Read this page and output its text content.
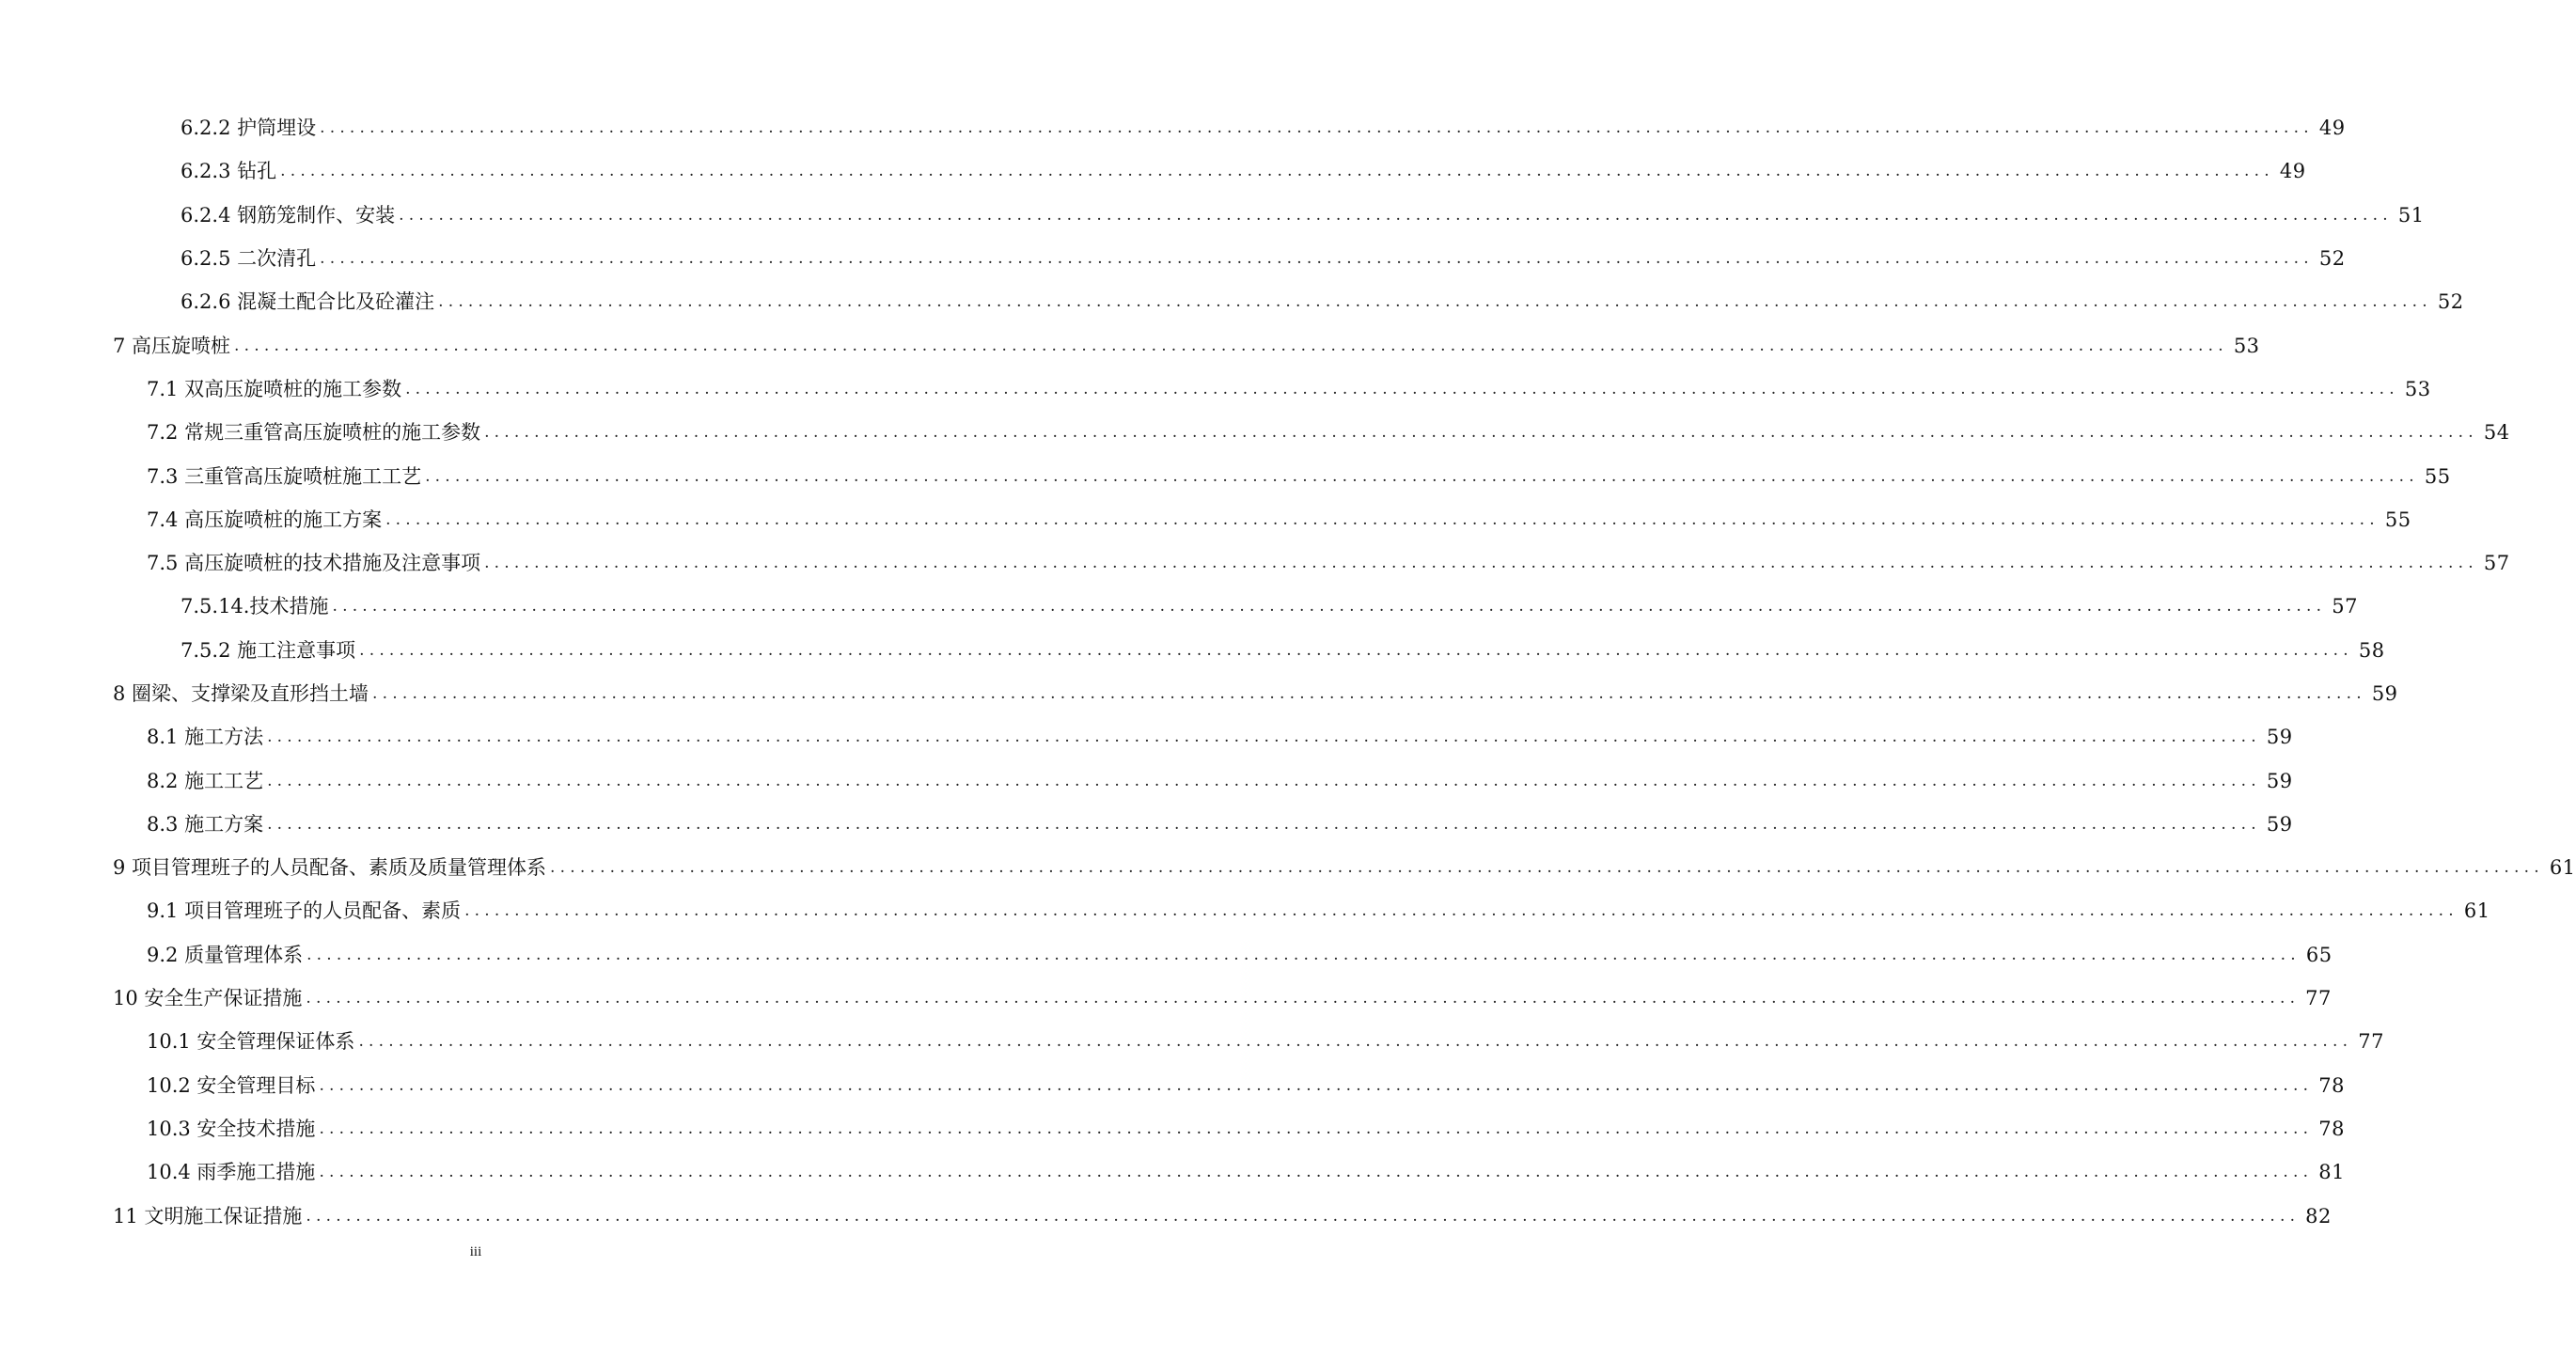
6.2.2 护筒埋设 ........................................................................................................................................................................................................ 49
6.2.3 钻孔 ........................................................................................................................................................................................................ 49
6.2.4 钢筋笼制作、安装 ........................................................................................................................................................................................................ 51
6.2.5 二次清孔 ........................................................................................................................................................................................................ 52
6.2.6 混凝土配合比及砼灌注 ........................................................................................................................................................................................................ 52
7 高压旋喷桩 ........................................................................................................................................................................................................ 53
7.1 双高压旋喷桩的施工参数 ........................................................................................................................................................................................................ 53
7.2 常规三重管高压旋喷桩的施工参数 ........................................................................................................................................................................................................ 54
7.3 三重管高压旋喷桩施工工艺 ........................................................................................................................................................................................................ 55
7.4 高压旋喷桩的施工方案 ........................................................................................................................................................................................................ 55
7.5 高压旋喷桩的技术措施及注意事项 ........................................................................................................................................................................................................ 57
7.5.14.技术措施 ........................................................................................................................................................................................................ 57
7.5.2 施工注意事项 ........................................................................................................................................................................................................ 58
8 圈梁、支撑梁及直形挡土墙 ........................................................................................................................................................................................................ 59
8.1 施工方法 ........................................................................................................................................................................................................ 59
8.2 施工工艺 ........................................................................................................................................................................................................ 59
8.3 施工方案 ........................................................................................................................................................................................................ 59
9 项目管理班子的人员配备、素质及质量管理体系 ........................................................................................................................................................................................................ 61
9.1 项目管理班子的人员配备、素质 ........................................................................................................................................................................................................ 61
9.2 质量管理体系 ........................................................................................................................................................................................................ 65
10 安全生产保证措施 ........................................................................................................................................................................................................ 77
10.1 安全管理保证体系 ........................................................................................................................................................................................................ 77
10.2 安全管理目标 ........................................................................................................................................................................................................ 78
10.3 安全技术措施 ........................................................................................................................................................................................................ 78
10.4 雨季施工措施 ........................................................................................................................................................................................................ 81
11 文明施工保证措施 ........................................................................................................................................................................................................ 82
iii
